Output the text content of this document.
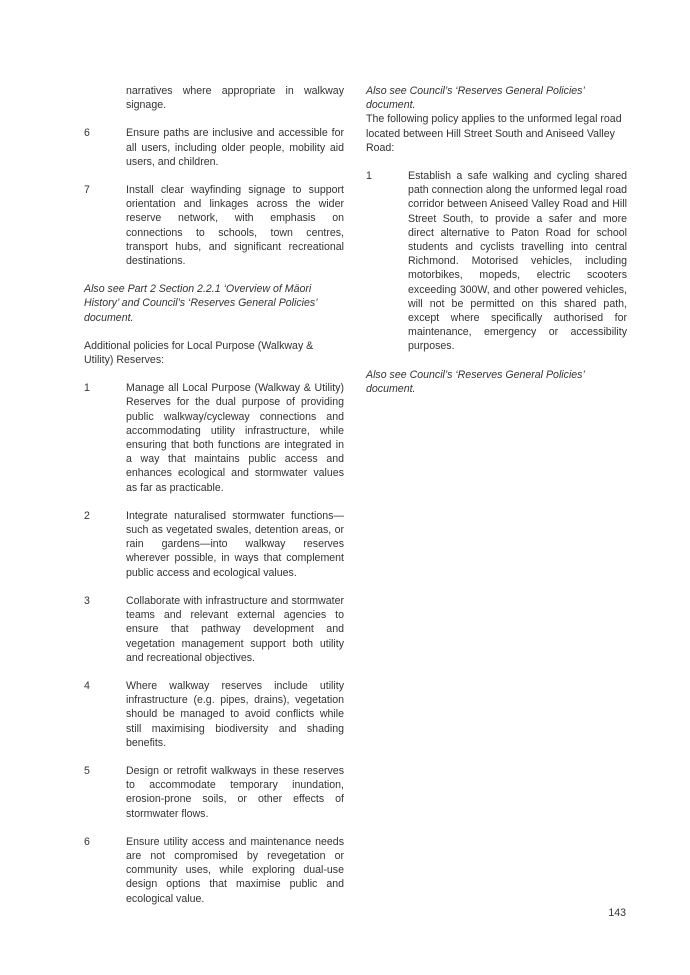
narratives where appropriate in walkway signage.

6	Ensure paths are inclusive and accessible for all users, including older people, mobility aid users, and children.
7	Install clear wayfinding signage to support orientation and linkages across the wider reserve network, with emphasis on connections to schools, town centres, transport hubs, and significant recreational destinations.

Also see Part 2 Section 2.2.1 ‘Overview of Māori History’ and Council’s ‘Reserves General Policies’ document.

Additional policies for Local Purpose (Walkway & Utility) Reserves:

1	Manage all Local Purpose (Walkway & Utility) Reserves for the dual purpose of providing public walkway/cycleway connections and accommodating utility infrastructure, while ensuring that both functions are integrated in a way that maintains public access and enhances ecological and stormwater values as far as practicable.
2	Integrate naturalised stormwater functions—such as vegetated swales, detention areas, or rain gardens—into walkway reserves wherever possible, in ways that complement public access and ecological values.
3	Collaborate with infrastructure and stormwater teams and relevant external agencies to ensure that pathway development and vegetation management support both utility and recreational objectives.
4	Where walkway reserves include utility infrastructure (e.g. pipes, drains), vegetation should be managed to avoid conflicts while still maximising biodiversity and shading benefits.
5	Design or retrofit walkways in these reserves to accommodate temporary inundation, erosion-prone soils, or other effects of stormwater flows.
6	Ensure utility access and maintenance needs are not compromised by revegetation or community uses, while exploring dual-use design options that maximise public and ecological value.

Also see Council’s ‘Reserves General Policies’ document.

The following policy applies to the unformed legal road located between Hill Street South and Aniseed Valley Road:

1	Establish a safe walking and cycling shared path connection along the unformed legal road corridor between Aniseed Valley Road and Hill Street South, to provide a safer and more direct alternative to Paton Road for school students and cyclists travelling into central Richmond. Motorised vehicles, including motorbikes, mopeds, electric scooters exceeding 300W, and other powered vehicles, will not be permitted on this shared path, except where specifically authorised for maintenance, emergency or accessibility purposes.

Also see Council’s ‘Reserves General Policies’ document.

143
